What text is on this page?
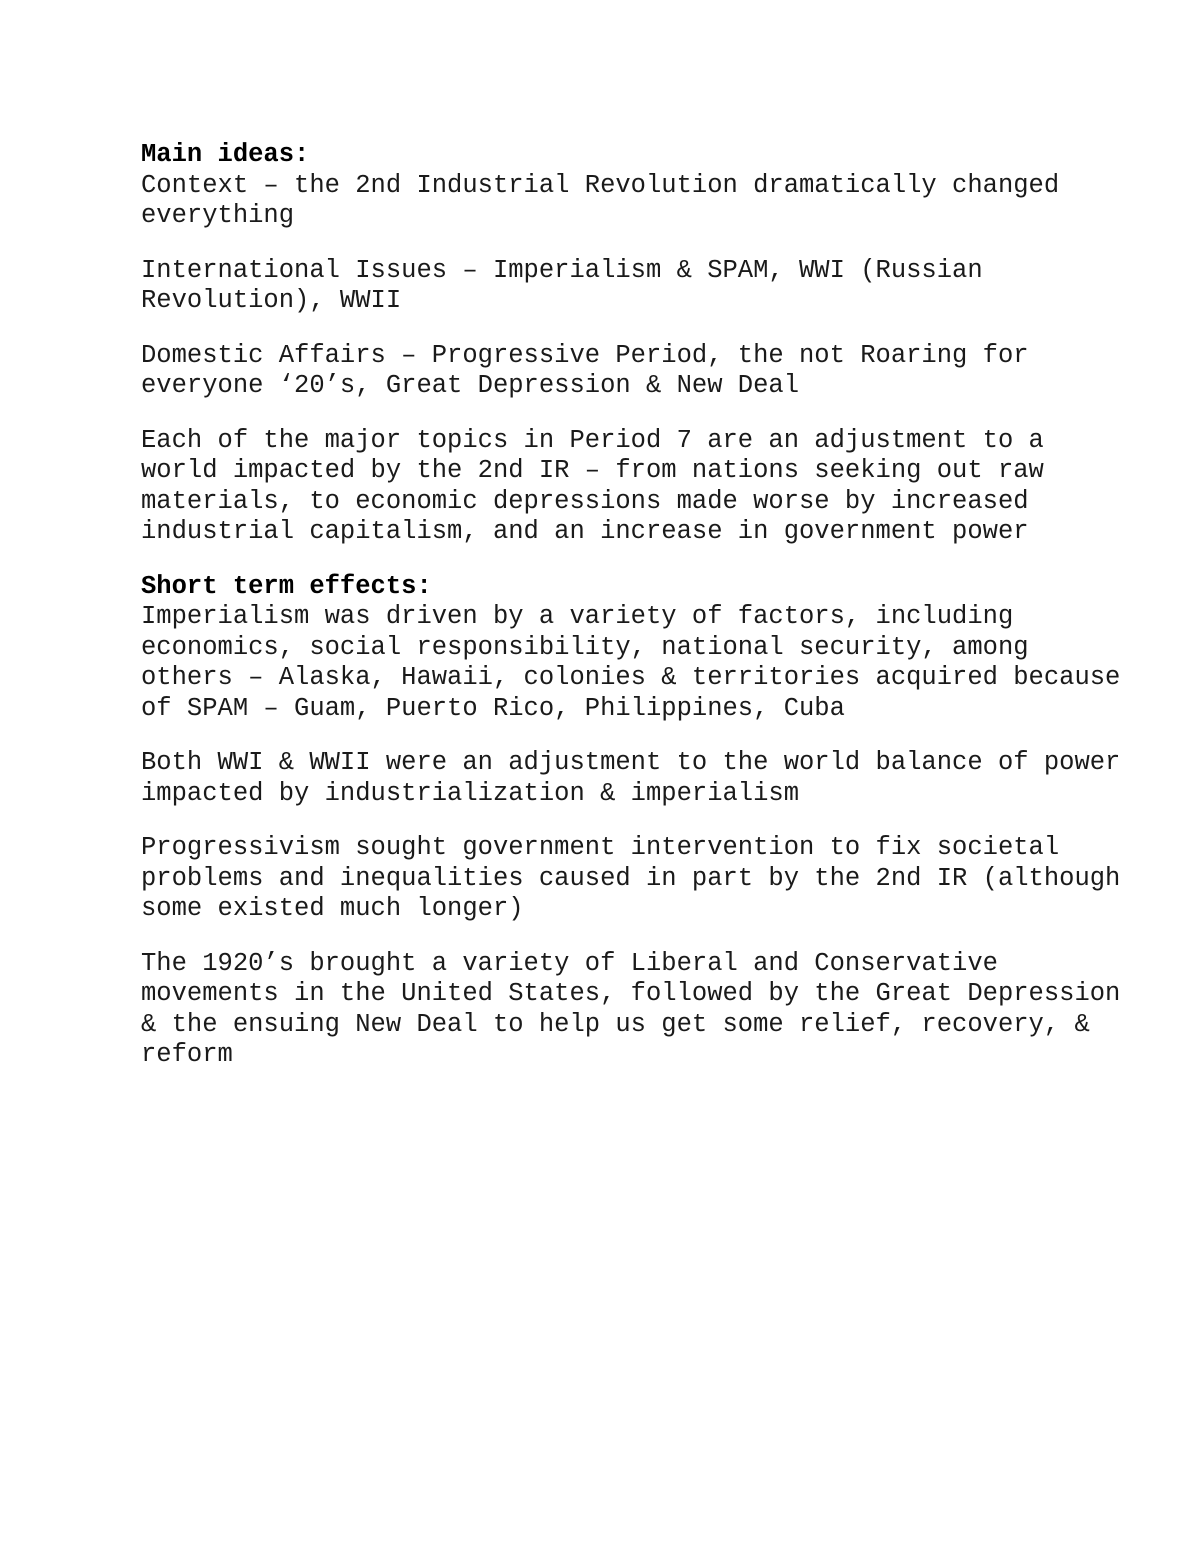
Main ideas:

Context – the 2nd Industrial Revolution dramatically changed
everything

International Issues – Imperialism & SPAM, WWI (Russian
Revolution), WWII

Domestic Affairs – Progressive Period, the not Roaring for
everyone ‘20’s, Great Depression & New Deal

Each of the major topics in Period 7 are an adjustment to a
world impacted by the 2nd IR – from nations seeking out raw
materials, to economic depressions made worse by increased
industrial capitalism, and an increase in government power

Short term effects:

Imperialism was driven by a variety of factors, including
economics, social responsibility, national security, among
others – Alaska, Hawaii, colonies & territories acquired because
of SPAM – Guam, Puerto Rico, Philippines, Cuba

Both WWI & WWII were an adjustment to the world balance of power
impacted by industrialization & imperialism

Progressivism sought government intervention to fix societal
problems and inequalities caused in part by the 2nd IR (although
some existed much longer)

The 1920’s brought a variety of Liberal and Conservative
movements in the United States, followed by the Great Depression
& the ensuing New Deal to help us get some relief, recovery, &
reform
